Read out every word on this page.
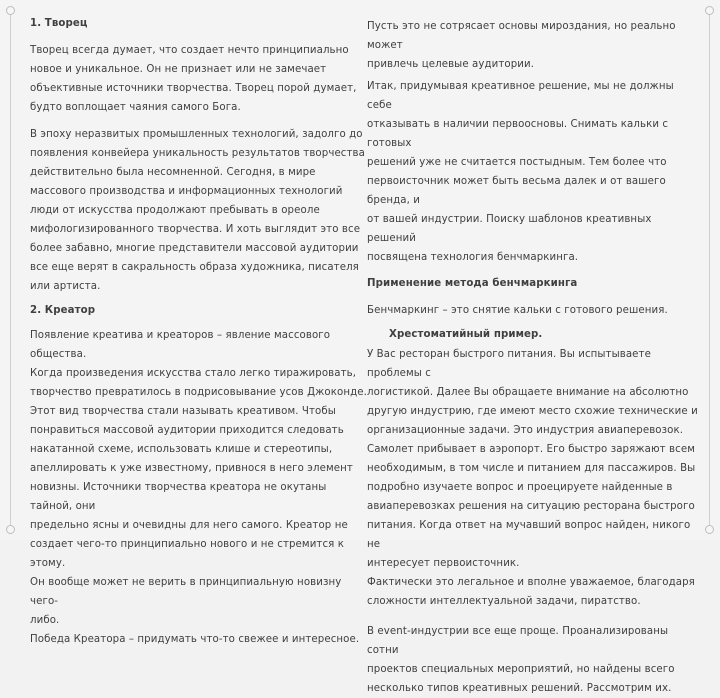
1. Творец

Творец всегда думает, что создает нечто принципиально
новое и уникальное. Он не признает или не замечает
объективные источники творчества. Творец порой думает,
будто воплощает чаяния самого Бога.

В эпоху неразвитых промышленных технологий, задолго до
появления конвейера уникальность результатов творчества
действительно была несомненной. Сегодня, в мире
массового производства и информационных технологий
люди от искусства продолжают пребывать в ореоле
мифологизированного творчества. И хоть выглядит это все
более забавно, многие представители массовой аудитории
все еще верят в сакральность образа художника, писателя
или артиста.

2. Креатор

Появление креатива и креаторов – явление массового общества.
Когда произведения искусства стало легко тиражировать,
творчество превратилось в подрисовывание усов Джоконде.
Этот вид творчества стали называть креативом. Чтобы
понравиться массовой аудитории приходится следовать
накатанной схеме, использовать клише и стереотипы,
апеллировать к уже известному, привнося в него элемент
новизны. Источники творчества креатора не окутаны тайной, они
предельно ясны и очевидны для него самого. Креатор не
создает чего-то принципиально нового и не стремится к этому.
Он вообще может не верить в принципиальную новизну чего-
либо.
Победа Креатора – придумать что-то свежее и интересное.

Пусть это не сотрясает основы мироздания, но реально может
привлечь целевые аудитории.

Итак, придумывая креативное решение, мы не должны себе
отказывать в наличии первоосновы. Снимать кальки с готовых
решений уже не считается постыдным. Тем более что
первоисточник может быть весьма далек и от вашего бренда, и
от вашей индустрии. Поиску шаблонов креативных решений
посвящена технология бенчмаркинга.

Применение метода бенчмаркинга

Бенчмаркинг – это снятие кальки с готового решения.

Хрестоматийный пример.

У Вас ресторан быстрого питания. Вы испытываете проблемы с
логистикой. Далее Вы обращаете внимание на абсолютно
другую индустрию, где имеют место схожие технические и
организационные задачи. Это индустрия авиаперевозок.
Самолет прибывает в аэропорт. Его быстро заряжают всем
необходимым, в том числе и питанием для пассажиров. Вы
подробно изучаете вопрос и проецируете найденные в
авиаперевозках решения на ситуацию ресторана быстрого
питания. Когда ответ на мучавший вопрос найден, никого не
интересует первоисточник.
Фактически это легальное и вполне уважаемое, благодаря
сложности интеллектуальной задачи, пиратство.

В event-индустрии все еще проще. Проанализированы сотни
проектов специальных мероприятий, но найдены всего
несколько типов креативных решений. Рассмотрим их.
